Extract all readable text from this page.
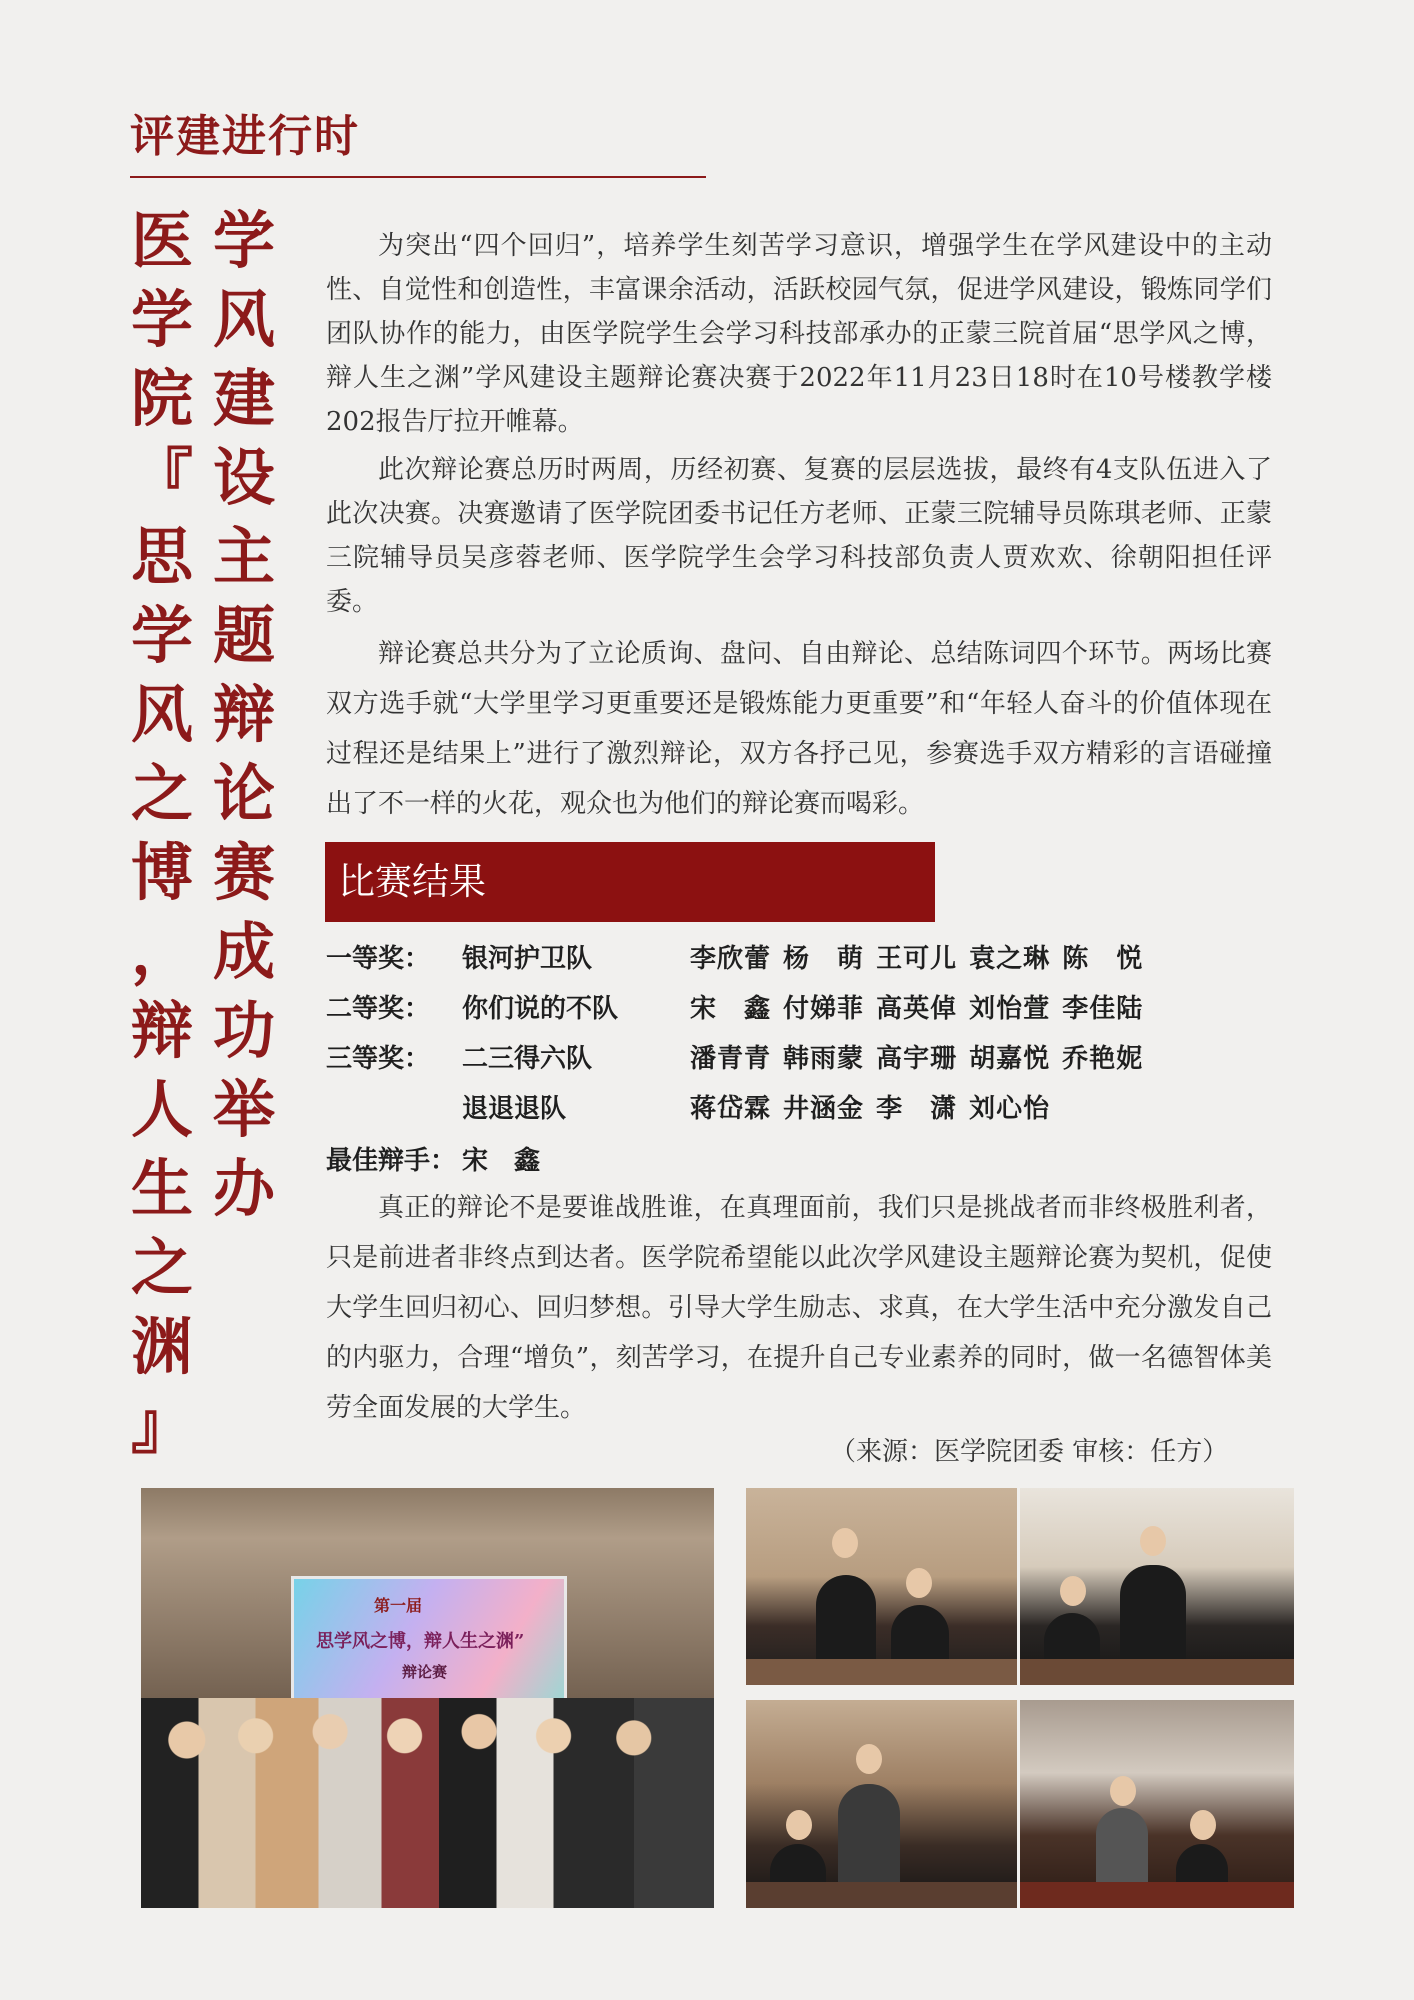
评建进行时
医
学
院
『
思
学
风
之
博
，
辩
人
生
之
渊
』
学
风
建
设
主
题
辩
论
赛
成
功
举
办

为突出“四个回归”，培养学生刻苦学习意识，增强学生在学风建设中的主动性、自觉性和创造性，丰富课余活动，活跃校园气氛，促进学风建设，锻炼同学们团队协作的能力，由医学院学生会学习科技部承办的正蒙三院首届“思学风之博，辩人生之渊”学风建设主题辩论赛决赛于2022年11月23日18时在10号楼教学楼202报告厅拉开帷幕。

此次辩论赛总历时两周，历经初赛、复赛的层层选拔，最终有4支队伍进入了此次决赛。决赛邀请了医学院团委书记任方老师、正蒙三院辅导员陈琪老师、正蒙三院辅导员吴彦蓉老师、医学院学生会学习科技部负责人贾欢欢、徐朝阳担任评委。

辩论赛总共分为了立论质询、盘问、自由辩论、总结陈词四个环节。两场比赛双方选手就“大学里学习更重要还是锻炼能力更重要”和“年轻人奋斗的价值体现在过程还是结果上”进行了激烈辩论，双方各抒己见，参赛选手双方精彩的言语碰撞出了不一样的火花，观众也为他们的辩论赛而喝彩。

比赛结果
一等奖： 银河护卫队	李欣蕾 杨　萌 王可儿 袁之琳 陈　悦
二等奖： 你们说的不队	宋　鑫 付娣菲 高英倬 刘怡萱 李佳陆
三等奖： 二三得六队	潘青青 韩雨蒙 高宇珊 胡嘉悦 乔艳妮
退退退队	蒋岱霖 井涵金 李　潇 刘心怡
最佳辩手： 宋　鑫

真正的辩论不是要谁战胜谁，在真理面前，我们只是挑战者而非终极胜利者，只是前进者非终点到达者。医学院希望能以此次学风建设主题辩论赛为契机，促使大学生回归初心、回归梦想。引导大学生励志、求真，在大学生活中充分激发自己的内驱力，合理“增负”，刻苦学习，在提升自己专业素养的同时，做一名德智体美劳全面发展的大学生。

（来源：医学院团委 审核：任方）
第一届
思学风之博，辩人生之渊”
辩论赛
